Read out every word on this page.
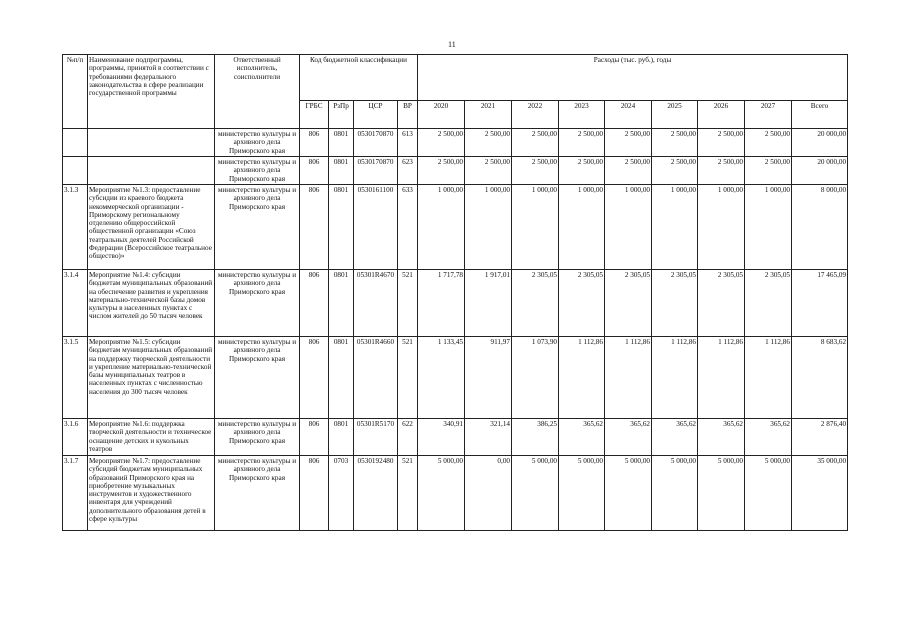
11
№п/п	Наименование подпрограммы, программы, принятой в соответствии с требованиями федерального законодательства в сфере реализации государственной программы	Ответственный исполнитель, соисполнители	Код бюджетной классификации				Расходы (тыс. руб.), годы								
			ГРБС	РзПр	ЦСР	ВР	2020	2021	2022	2023	2024	2025	2026	2027	Всего
		министерство культуры и архивного дела Приморского края	806	0801	0530170870	613	2 500,00	2 500,00	2 500,00	2 500,00	2 500,00	2 500,00	2 500,00	2 500,00	20 000,00
		министерство культуры и архивного дела Приморского края	806	0801	0530170870	623	2 500,00	2 500,00	2 500,00	2 500,00	2 500,00	2 500,00	2 500,00	2 500,00	20 000,00
3.1.3	Мероприятие №1.3: предоставление субсидии из краевого бюджета некоммерческой организации - Приморскому региональному отделению общероссийской общественной организации «Союз театральных деятелей Российской Федерации (Всероссийское театральное общество)»	министерство культуры и архивного дела Приморского края	806	0801	0530161100	633	1 000,00	1 000,00	1 000,00	1 000,00	1 000,00	1 000,00	1 000,00	1 000,00	8 000,00
3.1.4	Мероприятие №1.4: субсидии бюджетам муниципальных образований на обеспечение развития и укрепления материально-технической базы домов культуры в населенных пунктах с числом жителей до 50 тысяч человек	министерство культуры и архивного дела Приморского края	806	0801	05301R4670	521	1 717,78	1 917,01	2 305,05	2 305,05	2 305,05	2 305,05	2 305,05	2 305,05	17 465,09
3.1.5	Мероприятие №1.5: субсидии бюджетам муниципальных образований на поддержку творческой деятельности и укрепление материально-технической базы муниципальных театров в населенных пунктах с численностью населения до 300 тысяч человек	министерство культуры и архивного дела Приморского края	806	0801	05301R4660	521	1 133,45	911,97	1 073,90	1 112,86	1 112,86	1 112,86	1 112,86	1 112,86	8 683,62
3.1.6	Мероприятие №1.6: поддержка творческой деятельности и техническое оснащение детских и кукольных театров	министерство культуры и архивного дела Приморского края	806	0801	05301R5170	622	340,91	321,14	386,25	365,62	365,62	365,62	365,62	365,62	2 876,40
3.1.7	Мероприятие №1.7: предоставление субсидий бюджетам муниципальных образований Приморского края на приобретение музыкальных инструментов и художественного инвентаря для учреждений дополнительного образования детей в сфере культуры	министерство культуры и архивного дела Приморского края	806	0703	0530192480	521	5 000,00	0,00	5 000,00	5 000,00	5 000,00	5 000,00	5 000,00	5 000,00	35 000,00
